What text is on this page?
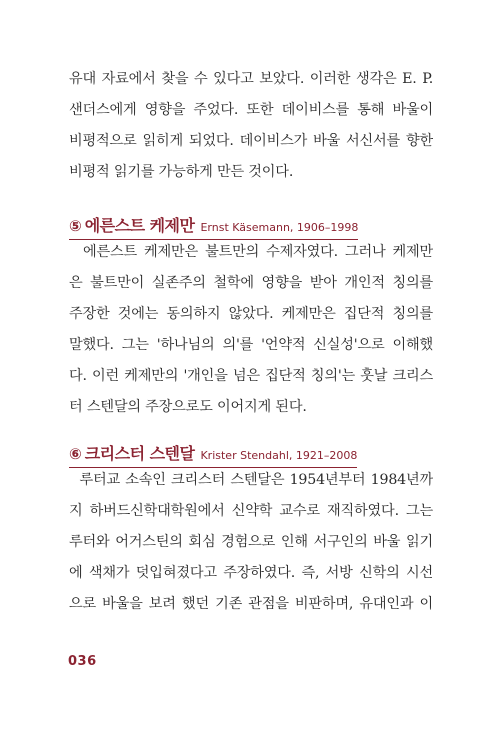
유대 자료에서 찾을 수 있다고 보았다. 이러한 생각은 E. P.
샌더스에게 영향을 주었다. 또한 데이비스를 통해 바울이
비평적으로 읽히게 되었다. 데이비스가 바울 서신서를 향한
비평적 읽기를 가능하게 만든 것이다.
⑤ 에른스트 케제만 Ernst Käsemann, 1906–1998
에른스트 케제만은 불트만의 수제자였다. 그러나 케제만
은 불트만이 실존주의 철학에 영향을 받아 개인적 칭의를
주장한 것에는 동의하지 않았다. 케제만은 집단적 칭의를
말했다. 그는 '하나님의 의'를 '언약적 신실성'으로 이해했
다. 이런 케제만의 '개인을 넘은 집단적 칭의'는 훗날 크리스
터 스텐달의 주장으로도 이어지게 된다.
⑥ 크리스터 스텐달 Krister Stendahl, 1921–2008
루터교 소속인 크리스터 스텐달은 1954년부터 1984년까
지 하버드신학대학원에서 신약학 교수로 재직하였다. 그는
루터와 어거스틴의 회심 경험으로 인해 서구인의 바울 읽기
에 색채가 덧입혀졌다고 주장하였다. 즉, 서방 신학의 시선
으로 바울을 보려 했던 기존 관점을 비판하며, 유대인과 이
036
